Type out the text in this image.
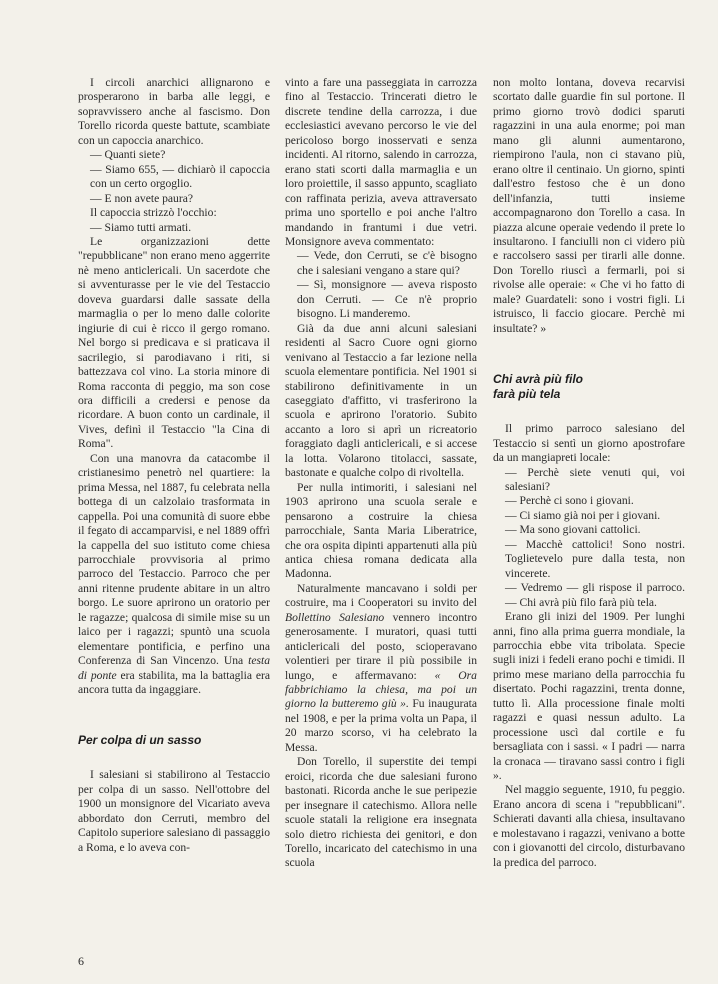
I circoli anarchici allignarono e prosperarono in barba alle leggi, e sopravvissero anche al fascismo. Don Torello ricorda queste battute, scambiate con un capoccia anarchico.

— Quanti siete?

— Siamo 655, — dichiarò il capoccia con un certo orgoglio.

— E non avete paura?

Il capoccia strizzò l'occhio:

— Siamo tutti armati.

Le organizzazioni dette "repubblicane" non erano meno aggerrite nè meno anticlericali. Un sacerdote che si avventurasse per le vie del Testaccio doveva guardarsi dalle sassate della marmaglia o per lo meno dalle colorite ingiurie di cui è ricco il gergo romano. Nel borgo si predicava e si praticava il sacrilegio, si parodiavano i riti, si battezzava col vino. La storia minore di Roma racconta di peggio, ma son cose ora difficili a credersi e penose da ricordare. A buon conto un cardinale, il Vives, definì il Testaccio "la Cina di Roma".

Con una manovra da catacombe il cristianesimo penetrò nel quartiere: la prima Messa, nel 1887, fu celebrata nella bottega di un calzolaio trasformata in cappella. Poi una comunità di suore ebbe il fegato di accamparvisi, e nel 1889 offrì la cappella del suo istituto come chiesa parrocchiale provvisoria al primo parroco del Testaccio. Parroco che per anni ritenne prudente abitare in un altro borgo. Le suore aprirono un oratorio per le ragazze; qualcosa di simile mise su un laico per i ragazzi; spuntò una scuola elementare pontificia, e perfino una Conferenza di San Vincenzo. Una testa di ponte era stabilita, ma la battaglia era ancora tutta da ingaggiare.

Per colpa di un sasso

I salesiani si stabilirono al Testaccio per colpa di un sasso. Nell'ottobre del 1900 un monsignore del Vicariato aveva abbordato don Cerruti, membro del Capitolo superiore salesiano di passaggio a Roma, e lo aveva con-

vinto a fare una passeggiata in carrozza fino al Testaccio. Trincerati dietro le discrete tendine della carrozza, i due ecclesiastici avevano percorso le vie del pericoloso borgo inosservati e senza incidenti. Al ritorno, salendo in carrozza, erano stati scorti dalla marmaglia e un loro proiettile, il sasso appunto, scagliato con raffinata perizia, aveva attraversato prima uno sportello e poi anche l'altro mandando in frantumi i due vetri. Monsignore aveva commentato:

— Vede, don Cerruti, se c'è bisogno che i salesiani vengano a stare qui?

— Sì, monsignore — aveva risposto don Cerruti. — Ce n'è proprio bisogno. Li manderemo.

Già da due anni alcuni salesiani residenti al Sacro Cuore ogni giorno venivano al Testaccio a far lezione nella scuola elementare pontificia. Nel 1901 si stabilirono definitivamente in un caseggiato d'affitto, vi trasferirono la scuola e aprirono l'oratorio. Subito accanto a loro si aprì un ricreatorio foraggiato dagli anticlericali, e si accese la lotta. Volarono titolacci, sassate, bastonate e qualche colpo di rivoltella.

Per nulla intimoriti, i salesiani nel 1903 aprirono una scuola serale e pensarono a costruire la chiesa parrocchiale, Santa Maria Liberatrice, che ora ospita dipinti appartenuti alla più antica chiesa romana dedicata alla Madonna.

Naturalmente mancavano i soldi per costruire, ma i Cooperatori su invito del Bollettino Salesiano vennero incontro generosamente. I muratori, quasi tutti anticlericali del posto, scioperavano volentieri per tirare il più possibile in lungo, e affermavano: « Ora fabbrichiamo la chiesa, ma poi un giorno la butteremo giù ». Fu inaugurata nel 1908, e per la prima volta un Papa, il 20 marzo scorso, vi ha celebrato la Messa.

Don Torello, il superstite dei tempi eroici, ricorda che due salesiani furono bastonati. Ricorda anche le sue peripezie per insegnare il catechismo. Allora nelle scuole statali la religione era insegnata solo dietro richiesta dei genitori, e don Torello, incaricato del catechismo in una scuola

non molto lontana, doveva recarvisi scortato dalle guardie fin sul portone. Il primo giorno trovò dodici sparuti ragazzini in una aula enorme; poi man mano gli alunni aumentarono, riempirono l'aula, non ci stavano più, erano oltre il centinaio. Un giorno, spinti dall'estro festoso che è un dono dell'infanzia, tutti insieme accompagnarono don Torello a casa. In piazza alcune operaie vedendo il prete lo insultarono. I fanciulli non ci videro più e raccolsero sassi per tirarli alle donne. Don Torello riuscì a fermarli, poi si rivolse alle operaie: « Che vi ho fatto di male? Guardateli: sono i vostri figli. Li istruisco, li faccio giocare. Perchè mi insultate? »

Chi avrà più filo
farà più tela

Il primo parroco salesiano del Testaccio si sentì un giorno apostrofare da un mangiapreti locale:

— Perchè siete venuti qui, voi salesiani?

— Perchè ci sono i giovani.

— Ci siamo già noi per i giovani.

— Ma sono giovani cattolici.

— Macchè cattolici! Sono nostri. Toglietevelo pure dalla testa, non vincerete.

— Vedremo — gli rispose il parroco. — Chi avrà più filo farà più tela.

Erano gli inizi del 1909. Per lunghi anni, fino alla prima guerra mondiale, la parrocchia ebbe vita tribolata. Specie sugli inizi i fedeli erano pochi e timidi. Il primo mese mariano della parrocchia fu disertato. Pochi ragazzini, trenta donne, tutto lì. Alla processione finale molti ragazzi e quasi nessun adulto. La processione uscì dal cortile e fu bersagliata con i sassi. « I padri — narra la cronaca — tiravano sassi contro i figli ».

Nel maggio seguente, 1910, fu peggio. Erano ancora di scena i "repubblicani". Schierati davanti alla chiesa, insultavano e molestavano i ragazzi, venivano a botte con i giovanotti del circolo, disturbavano la predica del parroco.

6
